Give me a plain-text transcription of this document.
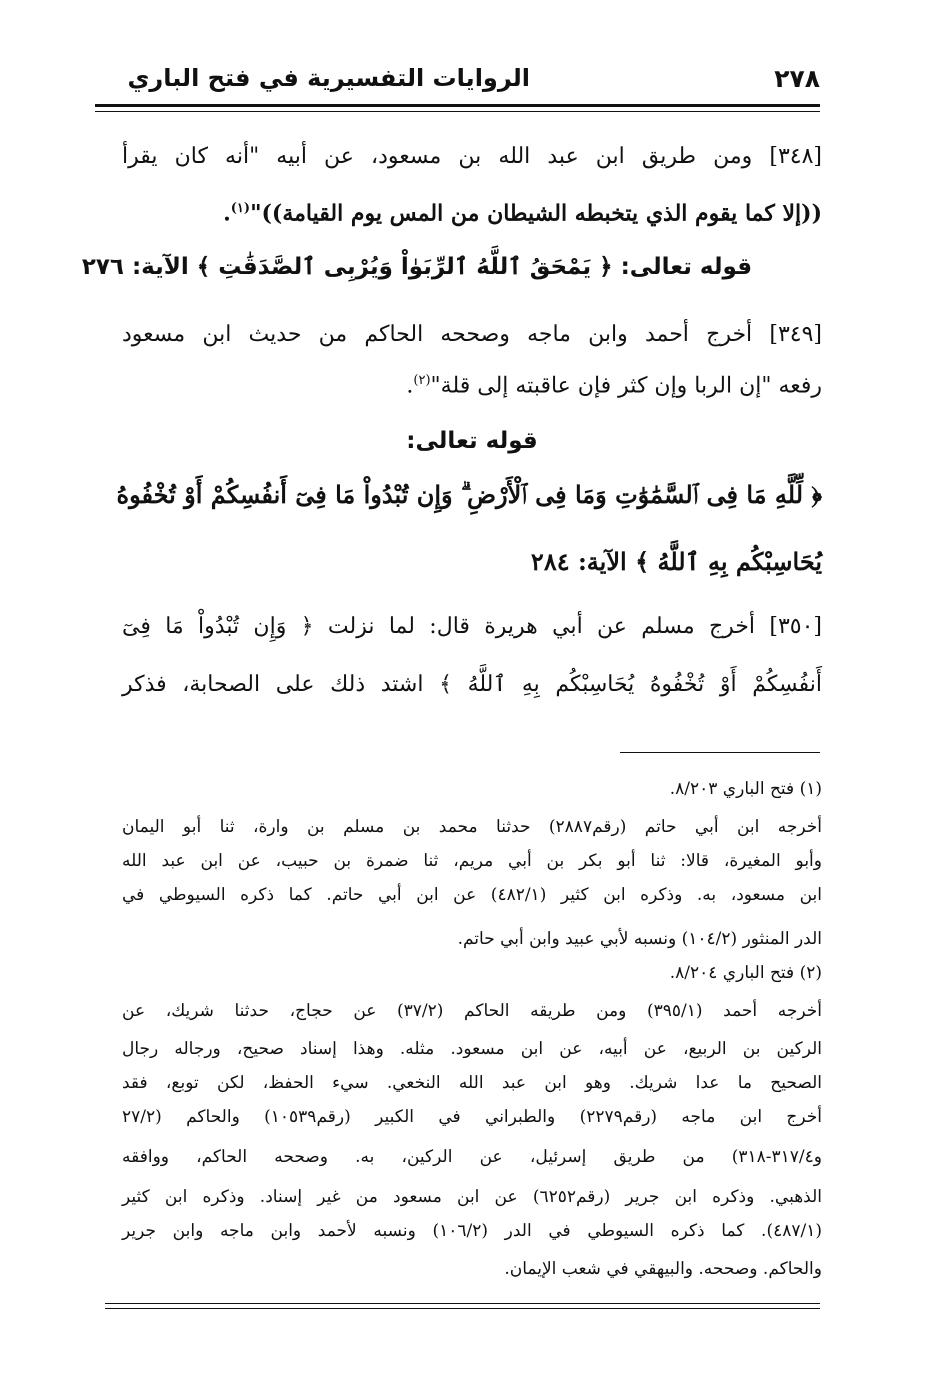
٢٧٨
الروايات التفسيرية في فتح الباري
[٣٤٨] ومن طريق ابن عبد الله بن مسعود، عن أبيه "أنه كان يقرأ
((إلا كما يقوم الذي يتخبطه الشيطان من المس يوم القيامة))"$^{(١)}$.
قوله تعالى: ﴿ يَمْحَقُ ٱللَّهُ ٱلرِّبَوٰاْ وَيُرْبِى ٱلصَّدَقَٰتِ ﴾ الآية: ٢٧٦
[٣٤٩] أخرج أحمد وابن ماجه وصححه الحاكم من حديث ابن مسعود
رفعه "إن الربا وإن كثر فإن عاقبته إلى قلة"$^{(٢)}$.
قوله تعالى:
﴿ لِّلَّهِ مَا فِى ٱلسَّمَٰوَٰتِ وَمَا فِى ٱلْأَرْضِ ۗ وَإِن تُبْدُواْ مَا فِىٓ أَنفُسِكُمْ أَوْ تُخْفُوهُ
يُحَاسِبْكُم بِهِ ٱللَّهُ ﴾ الآية: ٢٨٤
[٣٥٠] أخرج مسلم عن أبي هريرة قال: لما نزلت ﴿ وَإِن تُبْدُواْ مَا فِىٓ
أَنفُسِكُمْ أَوْ تُخْفُوهُ يُحَاسِبْكُم بِهِ ٱللَّهُ ﴾ اشتد ذلك على الصحابة، فذكر
(١) فتح الباري ٨/٢٠٣.
أخرجه ابن أبي حاتم (رقم٢٨٨٧) حدثنا محمد بن مسلم بن وارة، ثنا أبو اليمان
وأبو المغيرة، قالا: ثنا أبو بكر بن أبي مريم، ثنا ضمرة بن حبيب، عن ابن عبد الله
ابن مسعود، به. وذكره ابن كثير (٤٨٢/١) عن ابن أبي حاتم. كما ذكره السيوطي في
الدر المنثور (١٠٤/٢) ونسبه لأبي عبيد وابن أبي حاتم.
(٢) فتح الباري ٨/٢٠٤.
أخرجه أحمد (٣٩٥/١) ومن طريقه الحاكم (٣٧/٢) عن حجاج، حدثنا شريك، عن
الركين بن الربيع، عن أبيه، عن ابن مسعود. مثله. وهذا إسناد صحيح، ورجاله رجال
الصحيح ما عدا شريك. وهو ابن عبد الله النخعي. سيء الحفظ، لكن توبع، فقد
أخرج ابن ماجه (رقم٢٢٧٩) والطبراني في الكبير (رقم١٠٥٣٩) والحاكم (٢٧/٢
و٣١٧/٤-٣١٨) من طريق إسرئيل، عن الركين، به. وصححه الحاكم، ووافقه
الذهبي. وذكره ابن جرير (رقم٦٢٥٢) عن ابن مسعود من غير إسناد. وذكره ابن كثير
(٤٨٧/١). كما ذكره السيوطي في الدر (١٠٦/٢) ونسبه لأحمد وابن ماجه وابن جرير
والحاكم. وصححه. والبيهقي في شعب الإيمان.
